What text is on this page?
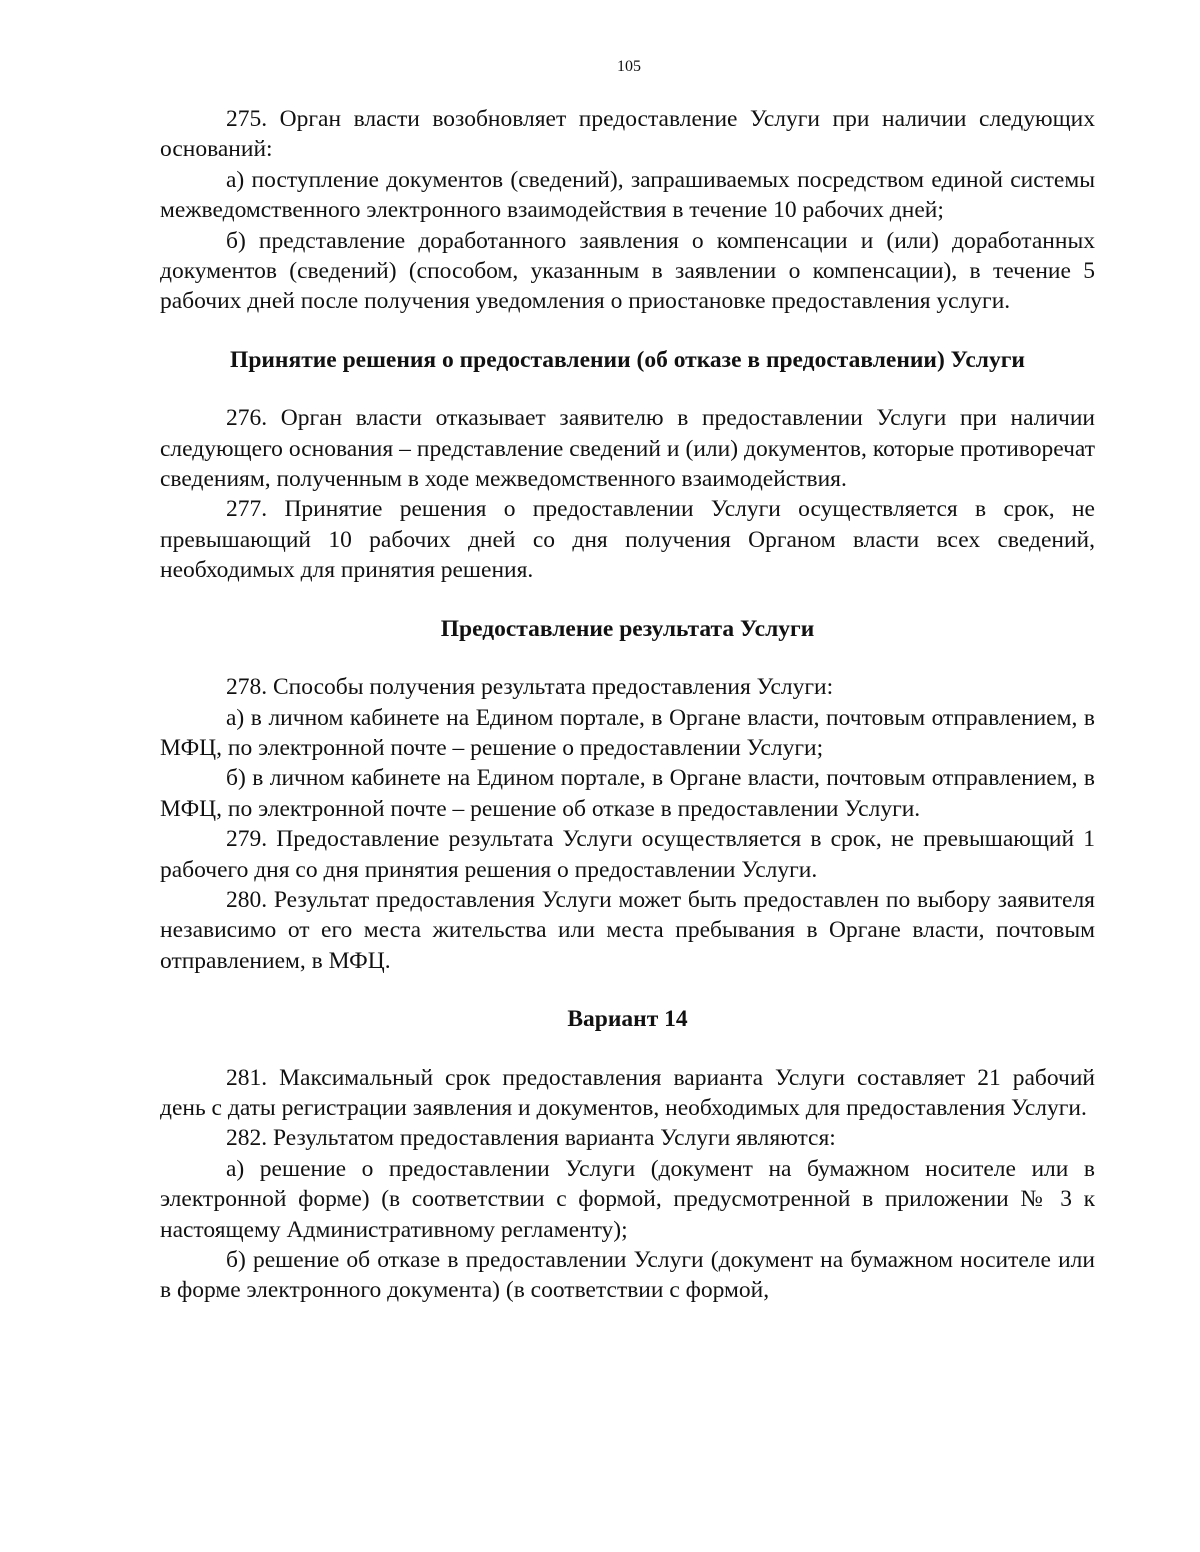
105

275. Орган власти возобновляет предоставление Услуги при наличии следующих оснований:

а) поступление документов (сведений), запрашиваемых посредством единой системы межведомственного электронного взаимодействия в течение 10 рабочих дней;

б) представление доработанного заявления о компенсации и (или) доработанных документов (сведений) (способом, указанным в заявлении о компенсации), в течение 5 рабочих дней после получения уведомления о приостановке предоставления услуги.

Принятие решения о предоставлении (об отказе в предоставлении) Услуги

276. Орган власти отказывает заявителю в предоставлении Услуги при наличии следующего основания – представление сведений и (или) документов, которые противоречат сведениям, полученным в ходе межведомственного взаимодействия.

277. Принятие решения о предоставлении Услуги осуществляется в срок, не превышающий 10 рабочих дней со дня получения Органом власти всех сведений, необходимых для принятия решения.

Предоставление результата Услуги

278. Способы получения результата предоставления Услуги:

а) в личном кабинете на Едином портале, в Органе власти, почтовым отправлением, в МФЦ, по электронной почте – решение о предоставлении Услуги;

б) в личном кабинете на Едином портале, в Органе власти, почтовым отправлением, в МФЦ, по электронной почте – решение об отказе в предоставлении Услуги.

279. Предоставление результата Услуги осуществляется в срок, не превышающий 1 рабочего дня со дня принятия решения о предоставлении Услуги.

280. Результат предоставления Услуги может быть предоставлен по выбору заявителя независимо от его места жительства или места пребывания в Органе власти, почтовым отправлением, в МФЦ.

Вариант 14

281. Максимальный срок предоставления варианта Услуги составляет 21 рабочий день с даты регистрации заявления и документов, необходимых для предоставления Услуги.

282. Результатом предоставления варианта Услуги являются:

а) решение о предоставлении Услуги (документ на бумажном носителе или в электронной форме) (в соответствии с формой, предусмотренной в приложении № 3 к настоящему Административному регламенту);

б) решение об отказе в предоставлении Услуги (документ на бумажном носителе или в форме электронного документа) (в соответствии с формой,
